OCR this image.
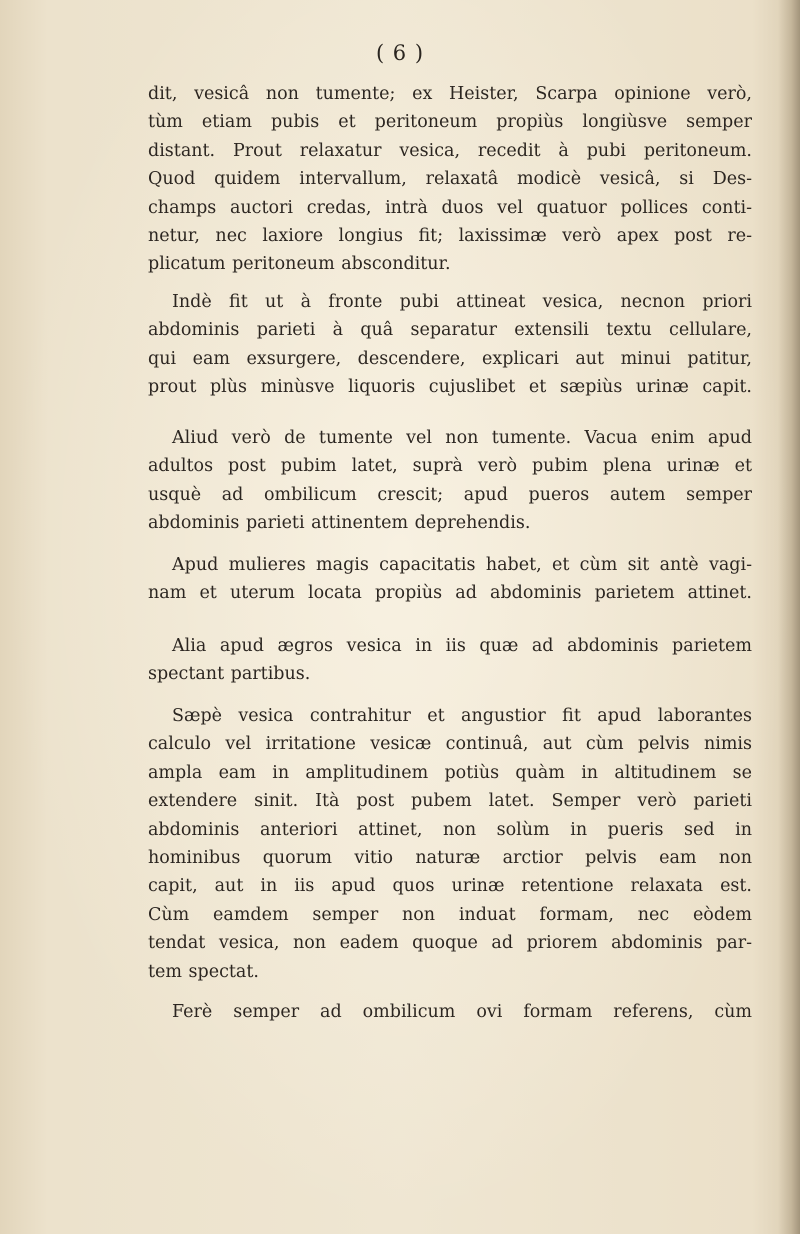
( 6 )

dit, vesicâ non tumente; ex Heister, Scarpa opinione verò,
tùm etiam pubis et peritoneum propiùs longiùsve semper
distant. Prout relaxatur vesica, recedit à pubi peritoneum.
Quod quidem intervallum, relaxatâ modicè vesicâ, si Des-
champs auctori credas, intrà duos vel quatuor pollices conti-
netur, nec laxiore longius fit; laxissimæ verò apex post re-
plicatum peritoneum absconditur.

Indè fit ut à fronte pubi attineat vesica, necnon priori
abdominis parieti à quâ separatur extensili textu cellulare,
qui eam exsurgere, descendere, explicari aut minui patitur,
prout plùs minùsve liquoris cujuslibet et sæpiùs urinæ capit.

Aliud verò de tumente vel non tumente. Vacua enim apud
adultos post pubim latet, suprà verò pubim plena urinæ et
usquè ad ombilicum crescit; apud pueros autem semper
abdominis parieti attinentem deprehendis.

Apud mulieres magis capacitatis habet, et cùm sit antè vagi-
nam et uterum locata propiùs ad abdominis parietem attinet.

Alia apud ægros vesica in iis quæ ad abdominis parietem
spectant partibus.

Sæpè vesica contrahitur et angustior fit apud laborantes
calculo vel irritatione vesicæ continuâ, aut cùm pelvis nimis
ampla eam in amplitudinem potiùs quàm in altitudinem se
extendere sinit. Ità post pubem latet. Semper verò parieti
abdominis anteriori attinet, non solùm in pueris sed in
hominibus quorum vitio naturæ arctior pelvis eam non
capit, aut in iis apud quos urinæ retentione relaxata est.
Cùm eamdem semper non induat formam, nec eòdem
tendat vesica, non eadem quoque ad priorem abdominis par-
tem spectat.

Ferè semper ad ombilicum ovi formam referens, cùm
